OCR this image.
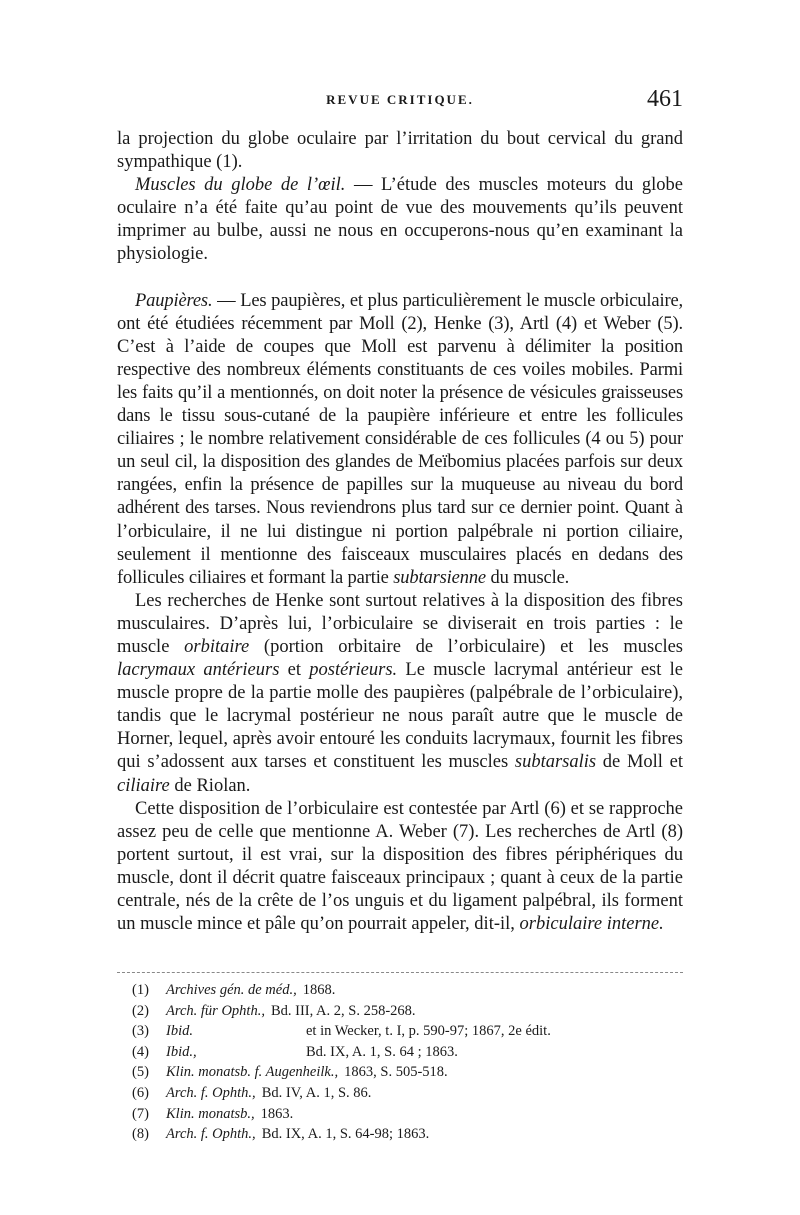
REVUE CRITIQUE.	461

la projection du globe oculaire par l’irritation du bout cervical du grand sympathique (1).

Muscles du globe de l’œil. — L’étude des muscles moteurs du globe oculaire n’a été faite qu’au point de vue des mouvements qu’ils peuvent imprimer au bulbe, aussi ne nous en occuperons-nous qu’en examinant la physiologie.

Paupières. — Les paupières, et plus particulièrement le muscle orbiculaire, ont été étudiées récemment par Moll (2), Henke (3), Artl (4) et Weber (5). C’est à l’aide de coupes que Moll est parvenu à délimiter la position respective des nombreux éléments constituants de ces voiles mobiles. Parmi les faits qu’il a mentionnés, on doit noter la présence de vésicules graisseuses dans le tissu sous-cutané de la paupière inférieure et entre les follicules ciliaires ; le nombre relativement considérable de ces follicules (4 ou 5) pour un seul cil, la disposition des glandes de Meïbomius placées parfois sur deux rangées, enfin la présence de papilles sur la muqueuse au niveau du bord adhérent des tarses. Nous reviendrons plus tard sur ce dernier point. Quant à l’orbiculaire, il ne lui distingue ni portion palpébrale ni portion ciliaire, seulement il mentionne des faisceaux musculaires placés en dedans des follicules ciliaires et formant la partie subtarsienne du muscle.

Les recherches de Henke sont surtout relatives à la disposition des fibres musculaires. D’après lui, l’orbiculaire se diviserait en trois parties : le muscle orbitaire (portion orbitaire de l’orbiculaire) et les muscles lacrymaux antérieurs et postérieurs. Le muscle lacrymal antérieur est le muscle propre de la partie molle des paupières (palpébrale de l’orbiculaire), tandis que le lacrymal postérieur ne nous paraît autre que le muscle de Horner, lequel, après avoir entouré les conduits lacrymaux, fournit les fibres qui s’adossent aux tarses et constituent les muscles subtarsalis de Moll et ciliaire de Riolan.

Cette disposition de l’orbiculaire est contestée par Artl (6) et se rapproche assez peu de celle que mentionne A. Weber (7). Les recherches de Artl (8) portent surtout, il est vrai, sur la disposition des fibres périphériques du muscle, dont il décrit quatre faisceaux principaux ; quant à ceux de la partie centrale, nés de la crête de l’os unguis et du ligament palpébral, ils forment un muscle mince et pâle qu’on pourrait appeler, dit-il, orbiculaire interne.

(1)	Archives gén. de méd., 1868.
(2)	Arch. für Ophth., Bd. III, A. 2, S. 258-268.
(3)	Ibid.	et in Wecker, t. I, p. 590-97; 1867, 2e édit.
(4)	Ibid.,	Bd. IX, A. 1, S. 64 ; 1863.
(5)	Klin. monatsb. f. Augenheilk., 1863, S. 505-518.
(6)	Arch. f. Ophth., Bd. IV, A. 1, S. 86.
(7)	Klin. monatsb., 1863.
(8)	Arch. f. Ophth., Bd. IX, A. 1, S. 64-98; 1863.
